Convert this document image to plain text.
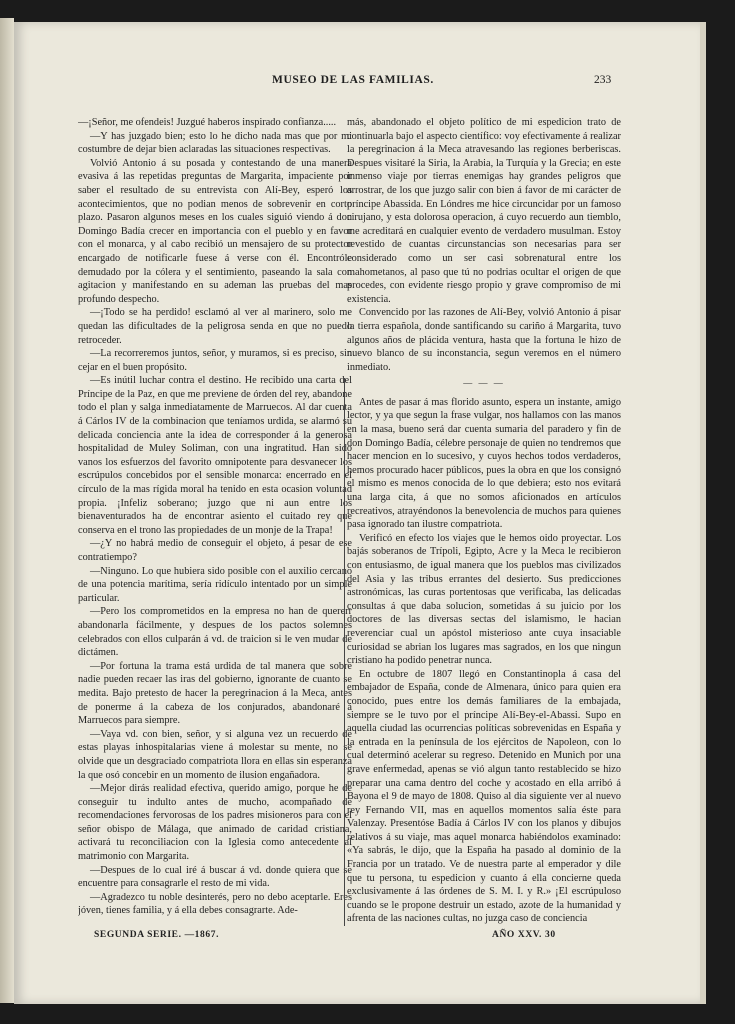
MUSEO DE LAS FAMILIAS.	233

—¡Señor, me ofendeis! Juzgué haberos inspirado confianza.....

—Y has juzgado bien; esto lo he dicho nada mas que por mi costumbre de dejar bien aclaradas las situaciones respectivas.

Volvió Antonio á su posada y contestando de una manera evasiva á las repetidas preguntas de Margarita, impaciente por saber el resultado de su entrevista con Alí-Bey, esperó los acontecimientos, que no podian menos de sobrevenir en corto plazo. Pasaron algunos meses en los cuales siguió viendo á don Domingo Badía crecer en importancia con el pueblo y en favor con el monarca, y al cabo recibió un mensajero de su protector encargado de notificarle fuese á verse con él. Encontróle demudado por la cólera y el sentimiento, paseando la sala con agitacion y manifestando en su ademan las pruebas del mas profundo despecho.

—¡Todo se ha perdido! esclamó al ver al marinero, solo me quedan las dificultades de la peligrosa senda en que no puedo retroceder.

—La recorreremos juntos, señor, y muramos, si es preciso, sin cejar en el buen propósito.

—Es inútil luchar contra el destino. He recibido una carta del Príncipe de la Paz, en que me previene de órden del rey, abandone todo el plan y salga inmediatamente de Marruecos. Al dar cuenta á Cárlos IV de la combinacion que teníamos urdida, se alarmó su delicada conciencia ante la idea de corresponder á la generosa hospitalidad de Muley Soliman, con una ingratitud. Han sido vanos los esfuerzos del favorito omnipotente para desvanecer los escrúpulos concebidos por el sensible monarca: encerrado en el círculo de la mas rígida moral ha tenido en esta ocasion voluntad propia. ¡Infeliz soberano; juzgo que ni aun entre los bienaventurados ha de encontrar asiento el cuitado rey que conserva en el trono las propiedades de un monje de la Trapa!

—¿Y no habrá medio de conseguir el objeto, á pesar de ese contratiempo?

—Ninguno. Lo que hubiera sido posible con el auxilio cercano de una potencia marítima, sería ridículo intentado por un simple particular.

—Pero los comprometidos en la empresa no han de quererr abandonarla fácilmente, y despues de los pactos solemnes celebrados con ellos culparán á vd. de traicion si le ven mudar de dictámen.

—Por fortuna la trama está urdida de tal manera que sobre nadie pueden recaer las iras del gobierno, ignorante de cuanto se medita. Bajo pretesto de hacer la peregrinacion á la Meca, antes de ponerme á la cabeza de los conjurados, abandonaré á Marruecos para siempre.

—Vaya vd. con bien, señor, y si alguna vez un recuerdo de estas playas inhospitalarias viene á molestar su mente, no se olvide que un desgraciado compatriota llora en ellas sin esperanza la que osó concebir en un momento de ilusion engañadora.

—Mejor dirás realidad efectiva, querido amigo, porque he de conseguir tu indulto antes de mucho, acompañado de recomendaciones fervorosas de los padres misioneros para con el señor obispo de Málaga, que animado de caridad cristiana, activará tu reconciliacion con la Iglesia como antecedente al matrimonio con Margarita.

—Despues de lo cual iré á buscar á vd. donde quiera que se encuentre para consagrarle el resto de mi vida.

—Agradezco tu noble desinterés, pero no debo aceptarle. Eres jóven, tienes familia, y á ella debes consagrarte. Ade-

más, abandonado el objeto político de mi espedicion trato de continuarla bajo el aspecto científico: voy efectivamente á realizar la peregrinacion á la Meca atravesando las regiones berberiscas. Despues visitaré la Siria, la Arabia, la Turquía y la Grecia; en este inmenso viaje por tierras enemigas hay grandes peligros que arrostrar, de los que juzgo salir con bien á favor de mi carácter de príncipe Abassida. En Lóndres me hice circuncidar por un famoso cirujano, y esta dolorosa operacion, á cuyo recuerdo aun tiemblo, me acreditará en cualquier evento de verdadero musulman. Estoy revestido de cuantas circunstancias son necesarias para ser considerado como un ser casi sobrenatural entre los mahometanos, al paso que tú no podrias ocultar el origen de que procedes, con evidente riesgo propio y grave compromiso de mi existencia.

Convencido por las razones de Alí-Bey, volvió Antonio á pisar la tierra española, donde santificando su cariño á Margarita, tuvo algunos años de plácida ventura, hasta que la fortuna le hizo de nuevo blanco de su inconstancia, segun veremos en el número inmediato.

— — —

Antes de pasar á mas florido asunto, espera un instante, amigo lector, y ya que segun la frase vulgar, nos hallamos con las manos en la masa, bueno será dar cuenta sumaria del paradero y fin de don Domingo Badía, célebre personaje de quien no tendremos que hacer mencion en lo sucesivo, y cuyos hechos todos verdaderos, hemos procurado hacer públicos, pues la obra en que los consignó el mismo es menos conocida de lo que debiera; esto nos evitará una larga cita, á que no somos aficionados en artículos recreativos, atrayéndonos la benevolencia de muchos para quienes pasa ignorado tan ilustre compatriota.

Verificó en efecto los viajes que le hemos oido proyectar. Los bajás soberanos de Trípoli, Egipto, Acre y la Meca le recibieron con entusiasmo, de igual manera que los pueblos mas civilizados del Asia y las tribus errantes del desierto. Sus predicciones astronómicas, las curas portentosas que verificaba, las delicadas consultas á que daba solucion, sometidas á su juicio por los doctores de las diversas sectas del islamismo, le hacian reverenciar cual un apóstol misterioso ante cuya insaciable curiosidad se abrian los lugares mas sagrados, en los que ningun cristiano ha podido penetrar nunca.

En octubre de 1807 llegó en Constantinopla á casa del embajador de España, conde de Almenara, único para quien era conocido, pues entre los demás familiares de la embajada, siempre se le tuvo por el príncipe Alí-Bey-el-Abassi. Supo en aquella ciudad las ocurrencias políticas sobrevenidas en España y la entrada en la península de los ejércitos de Napoleon, con lo cual determinó acelerar su regreso. Detenido en Munich por una grave enfermedad, apenas se vió algun tanto restablecido se hizo preparar una cama dentro del coche y acostado en ella arribó á Bayona el 9 de mayo de 1808. Quiso al dia siguiente ver al nuevo rey Fernando VII, mas en aquellos momentos salía éste para Valenzay. Presentóse Badía á Cárlos IV con los planos y dibujos relativos á su viaje, mas aquel monarca habiéndolos examinado: «Ya sabrás, le dijo, que la España ha pasado al dominio de la Francia por un tratado. Ve de nuestra parte al emperador y dile que tu persona, tu espedicion y cuanto á ella concierne queda exclusivamente á las órdenes de S. M. I. y R.» ¡El escrúpuloso cuando se le propone destruir un estado, azote de la humanidad y afrenta de las naciones cultas, no juzga caso de conciencia

SEGUNDA SERIE. —1867.	AÑO XXV. 30
